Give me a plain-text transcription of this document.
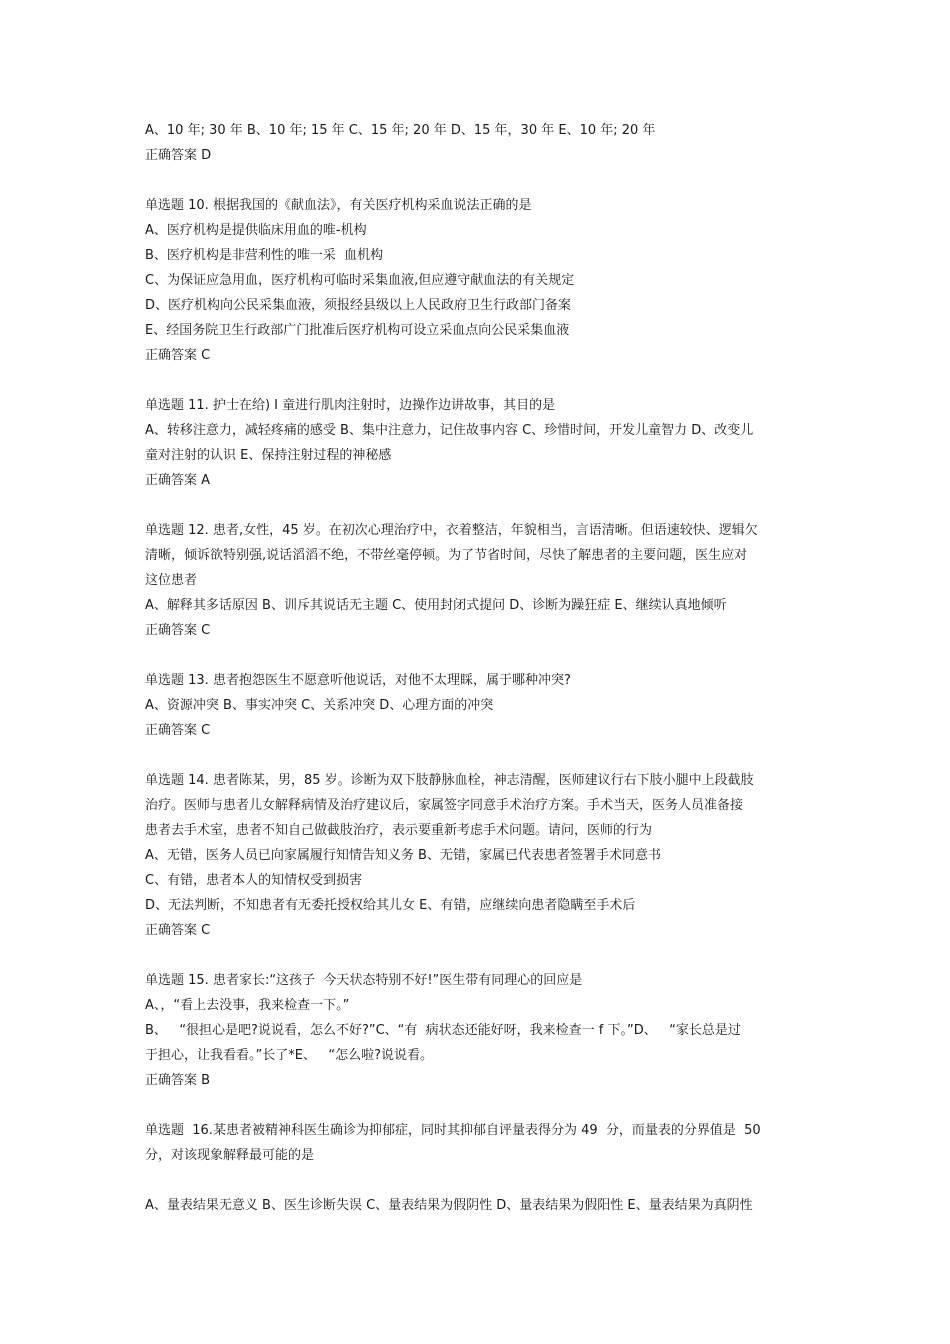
A、10 年; 30 年 B、10 年; 15 年 C、15 年; 20 年 D、15 年，30 年 E、10 年; 20 年
正确答案 D
单选题 10. 根据我国的《献血法》，有关医疗机构采血说法正确的是
A、医疗机构是提供临床用血的唯-机构
B、医疗机构是非营利性的唯一采  血机构
C、为保证应急用血，医疗机构可临时采集血液,但应遵守献血法的有关规定
D、医疗机构向公民采集血液，须报经县级以上人民政府卫生行政部门备案
E、经国务院卫生行政部广门批准后医疗机构可设立采血点向公民采集血液
正确答案 C
单选题 11. 护士在给) I 童进行肌肉注射时，边操作边讲故事，其目的是
A、转移注意力，减轻疼痛的感受 B、集中注意力，记住故事内容 C、珍惜时间，开发儿童智力 D、改变儿
童对注射的认识 E、保持注射过程的神秘感
正确答案 A
单选题 12. 患者,女性，45 岁。在初次心理治疗中，衣着整洁，年貌相当，言语清晰。但语速较快、逻辑欠
清晰，倾诉欲特别强,说话滔滔不绝，不带丝毫停顿。为了节省时间，尽快了解患者的主要问题，医生应对
这位患者
A、解释其多话原因 B、训斥其说话无主题 C、使用封闭式提问 D、诊断为躁狂症 E、继续认真地倾听
正确答案 C
单选题 13. 患者抱怨医生不愿意听他说话，对他不太理睬，属于哪种冲突?
A、资源冲突 B、事实冲突 C、关系冲突 D、心理方面的冲突
正确答案 C
单选题 14. 患者陈某，男，85 岁。诊断为双下肢静脉血栓，神志清醒，医师建议行右下肢小腿中上段截肢
治疗。医师与患者儿女解释病情及治疗建议后，家属签字同意手术治疗方案。手术当天，医务人员准备接
患者去手术室，患者不知自己做截肢治疗，表示要重新考虑手术问题。请问，医师的行为
A、无错，医务人员已向家属履行知情告知义务 B、无错，家属已代表患者签署手术同意书
C、有错，患者本人的知情权受到损害
D、无法判断，不知患者有无委托授权给其儿女 E、有错，应继续向患者隐瞒至手术后
正确答案 C
单选题 15. 患者家长:“这孩子  今天状态特别不好!”医生带有同理心的回应是
A、，“看上去没事，我来检查一下。”
B、   “很担心是吧?说说看，怎么不好?”C、“有  病状态还能好呀，我来检查一 f 下。”D、   “家长总是过
于担心，让我看看。”长了*E、   “怎么啦?说说看。
正确答案 B
单选题  16.某患者被精神科医生确诊为抑郁症，同时其抑郁自评量表得分为 49  分，而量表的分界值是  50
分，对该现象解释最可能的是
A、量表结果无意义 B、医生诊断失误 C、量表结果为假阴性 D、量表结果为假阳性 E、量表结果为真阴性
